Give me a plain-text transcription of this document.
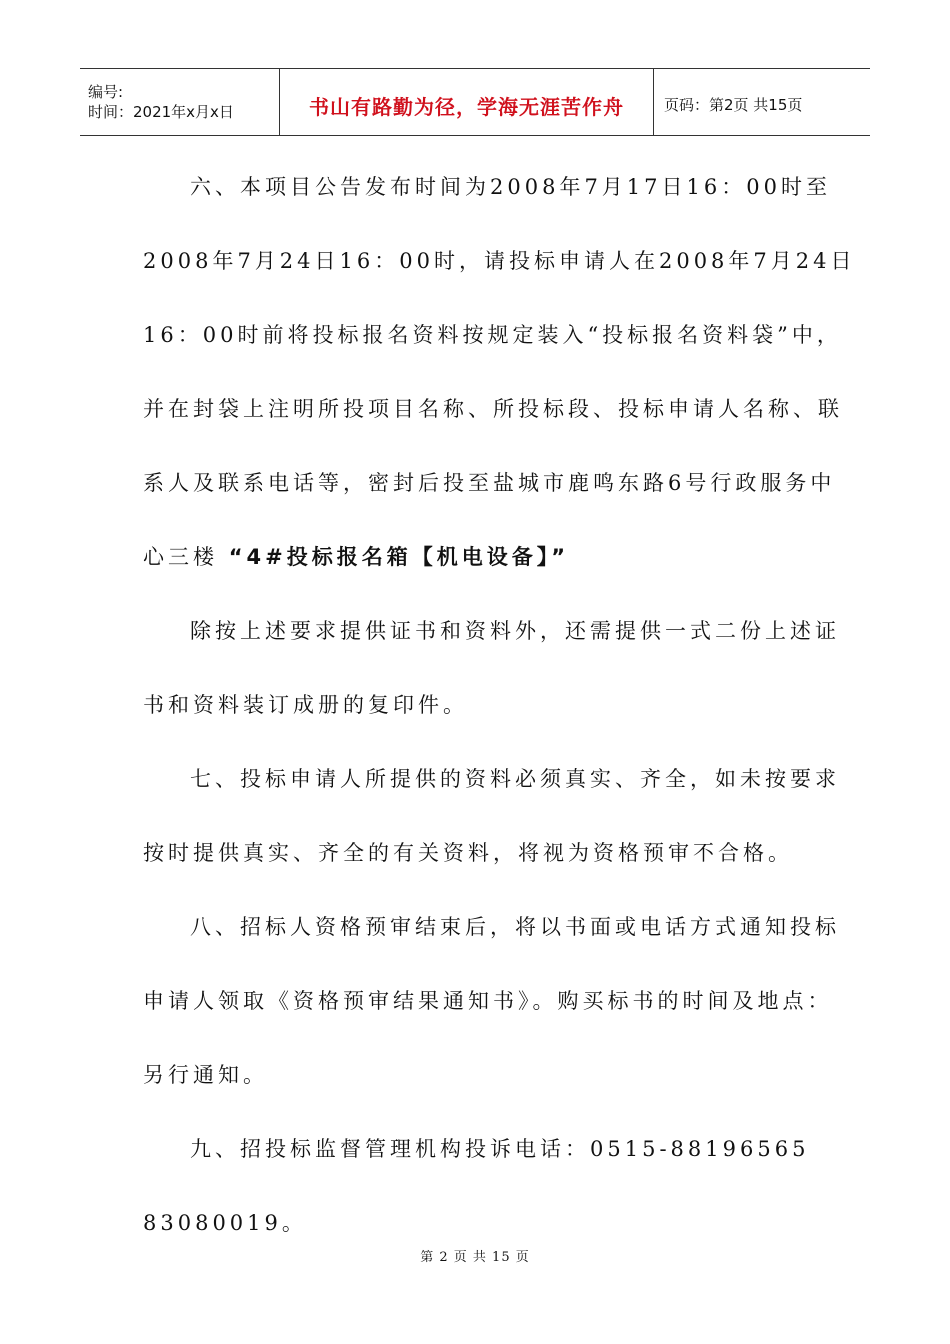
编号:
时间：2021年x月x日	书山有路勤为径，学海无涯苦作舟	页码：第2页 共15页
六、本项目公告发布时间为2008年7月17日16：00时至
2008年7月24日16：00时，请投标申请人在2008年7月24日
16：00时前将投标报名资料按规定装入“投标报名资料袋”中，
并在封袋上注明所投项目名称、所投标段、投标申请人名称、联
系人及联系电话等，密封后投至盐城市鹿鸣东路6号行政服务中
心三楼 “4#投标报名箱【机电设备】”
除按上述要求提供证书和资料外，还需提供一式二份上述证
书和资料装订成册的复印件。
七、投标申请人所提供的资料必须真实、齐全，如未按要求
按时提供真实、齐全的有关资料，将视为资格预审不合格。
八、招标人资格预审结束后，将以书面或电话方式通知投标
申请人领取《资格预审结果通知书》。购买标书的时间及地点：
另行通知。
九、招投标监督管理机构投诉电话：0515-88196565
83080019。
第 2 页 共 15 页
